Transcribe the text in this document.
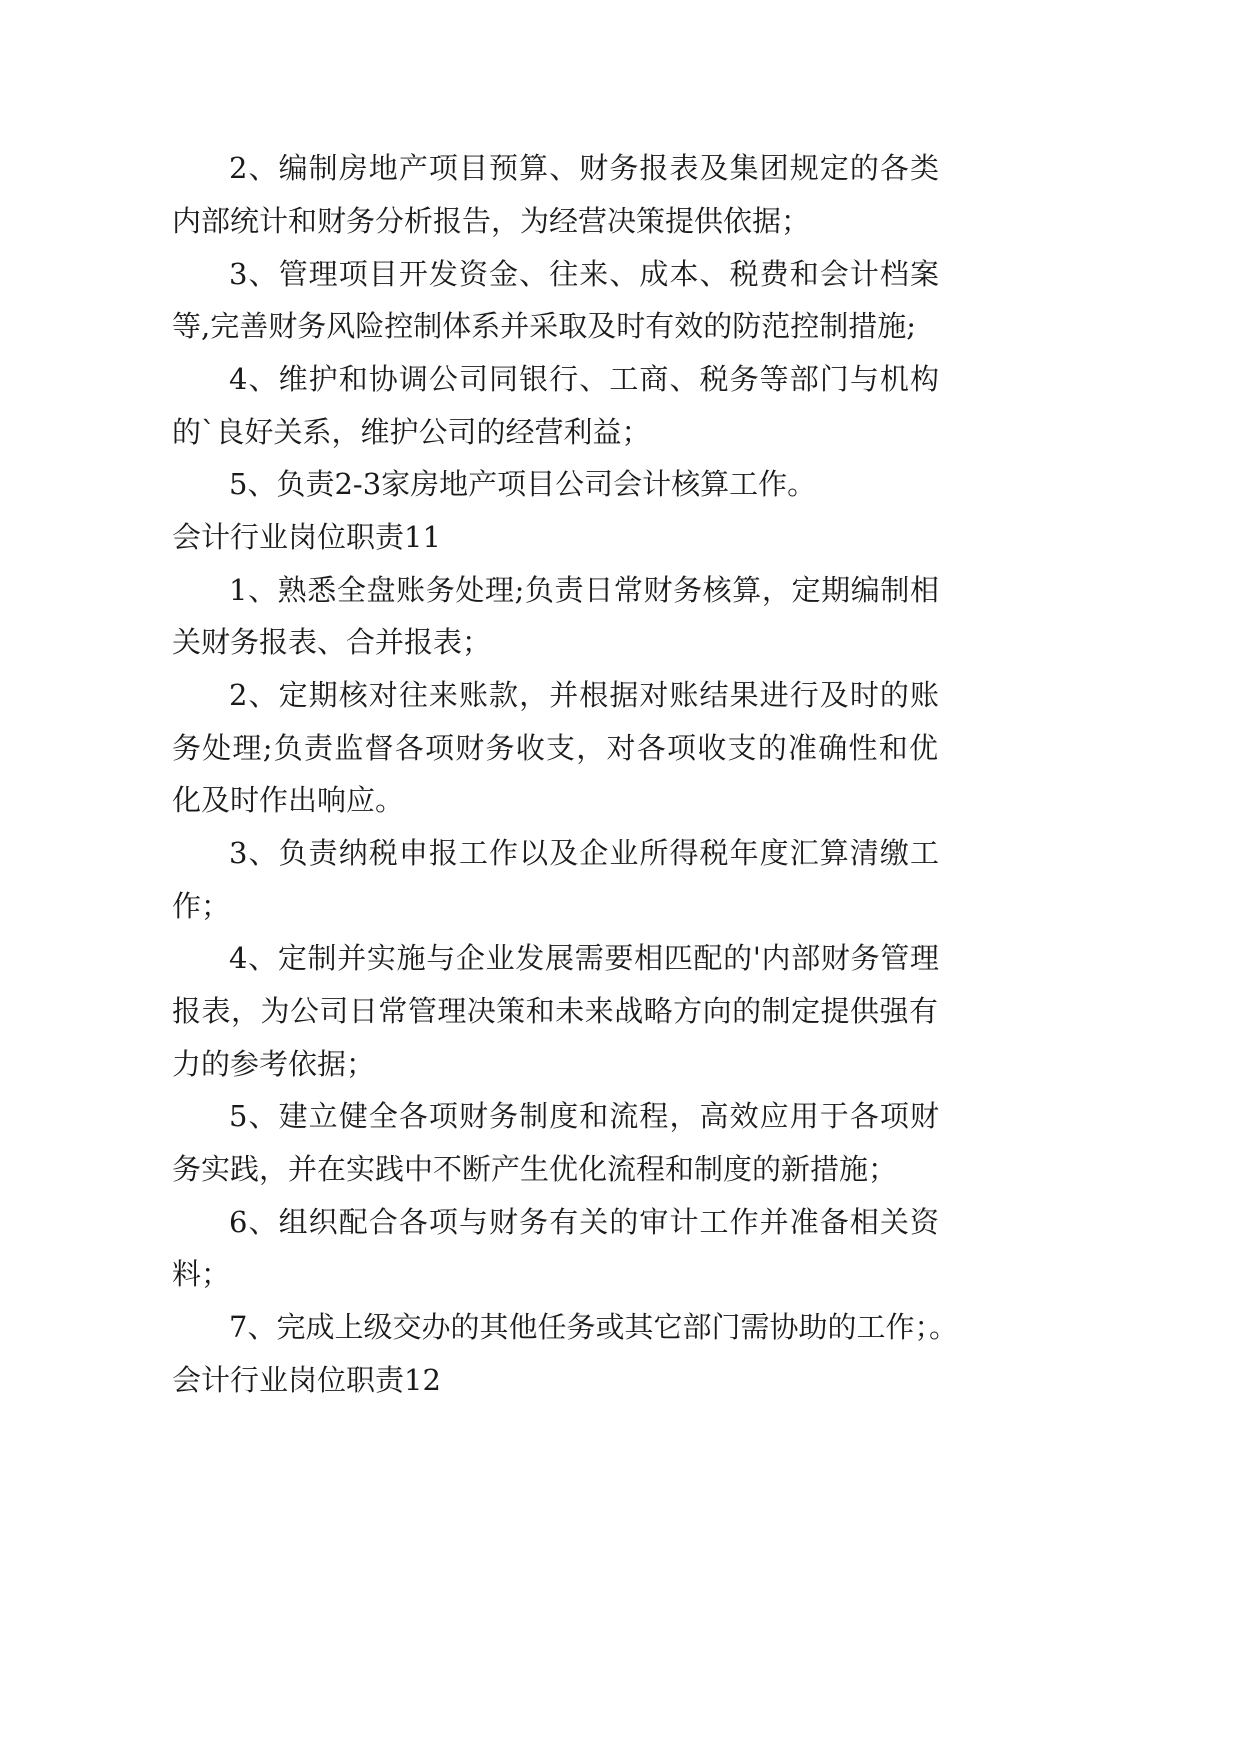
2、编制房地产项目预算、财务报表及集团规定的各类
内部统计和财务分析报告，为经营决策提供依据；
3、管理项目开发资金、往来、成本、税费和会计档案
等,完善财务风险控制体系并采取及时有效的防范控制措施;
4、维护和协调公司同银行、工商、税务等部门与机构
的`良好关系，维护公司的经营利益；
5、负责2-3家房地产项目公司会计核算工作。
会计行业岗位职责11
1、熟悉全盘账务处理;负责日常财务核算，定期编制相
关财务报表、合并报表；
2、定期核对往来账款，并根据对账结果进行及时的账
务处理;负责监督各项财务收支，对各项收支的准确性和优
化及时作出响应。
3、负责纳税申报工作以及企业所得税年度汇算清缴工
作；
4、定制并实施与企业发展需要相匹配的'内部财务管理
报表，为公司日常管理决策和未来战略方向的制定提供强有
力的参考依据；
5、建立健全各项财务制度和流程，高效应用于各项财
务实践，并在实践中不断产生优化流程和制度的新措施；
6、组织配合各项与财务有关的审计工作并准备相关资
料；
7、完成上级交办的其他任务或其它部门需协助的工作；。
会计行业岗位职责12
